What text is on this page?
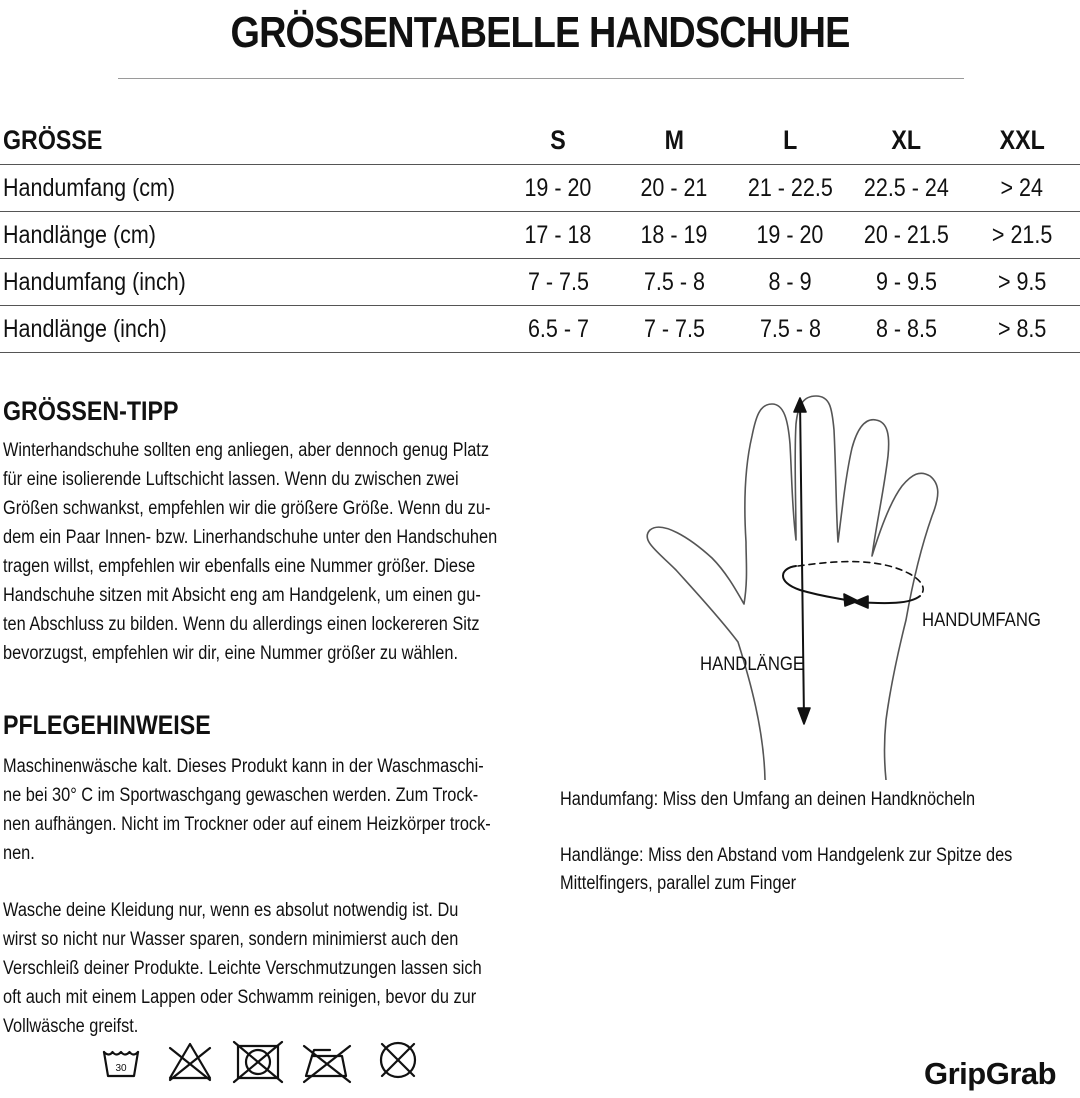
GRÖSSENTABELLE HANDSCHUHE
GRÖSSE	S	M	L	XL	XXL
Handumfang (cm)	19 - 20	20 - 21	21 - 22.5	22.5 - 24	> 24
Handlänge (cm)	17 - 18	18 - 19	19 - 20	20 - 21.5	> 21.5
Handumfang (inch)	7 - 7.5	7.5 - 8	8 - 9	9 - 9.5	> 9.5
Handlänge (inch)	6.5 - 7	7 - 7.5	7.5 - 8	8 - 8.5	> 8.5
GRÖSSEN-TIPP
Winterhandschuhe sollten eng anliegen, aber dennoch genug Platz
für eine isolierende Luftschicht lassen. Wenn du zwischen zwei
Größen schwankst, empfehlen wir die größere Größe. Wenn du zu-
dem ein Paar Innen- bzw. Linerhandschuhe unter den Handschuhen
tragen willst, empfehlen wir ebenfalls eine Nummer größer. Diese
Handschuhe sitzen mit Absicht eng am Handgelenk, um einen gu-
ten Abschluss zu bilden. Wenn du allerdings einen lockereren Sitz
bevorzugst, empfehlen wir dir, eine Nummer größer zu wählen.
PFLEGEHINWEISE
Maschinenwäsche kalt. Dieses Produkt kann in der Waschmaschi-
ne bei 30° C im Sportwaschgang gewaschen werden. Zum Trock-
nen aufhängen. Nicht im Trockner oder auf einem Heizkörper trock-
nen.
Wasche deine Kleidung nur, wenn es absolut notwendig ist. Du
wirst so nicht nur Wasser sparen, sondern minimierst auch den
Verschleiß deiner Produkte. Leichte Verschmutzungen lassen sich
oft auch mit einem Lappen oder Schwamm reinigen, bevor du zur
Vollwäsche greifst.
30
HANDUMFANG
HANDLÄNGE
Handumfang: Miss den Umfang an deinen Handknöcheln
Handlänge: Miss den Abstand vom Handgelenk zur Spitze des
Mittelfingers, parallel zum Finger
GripGrab
